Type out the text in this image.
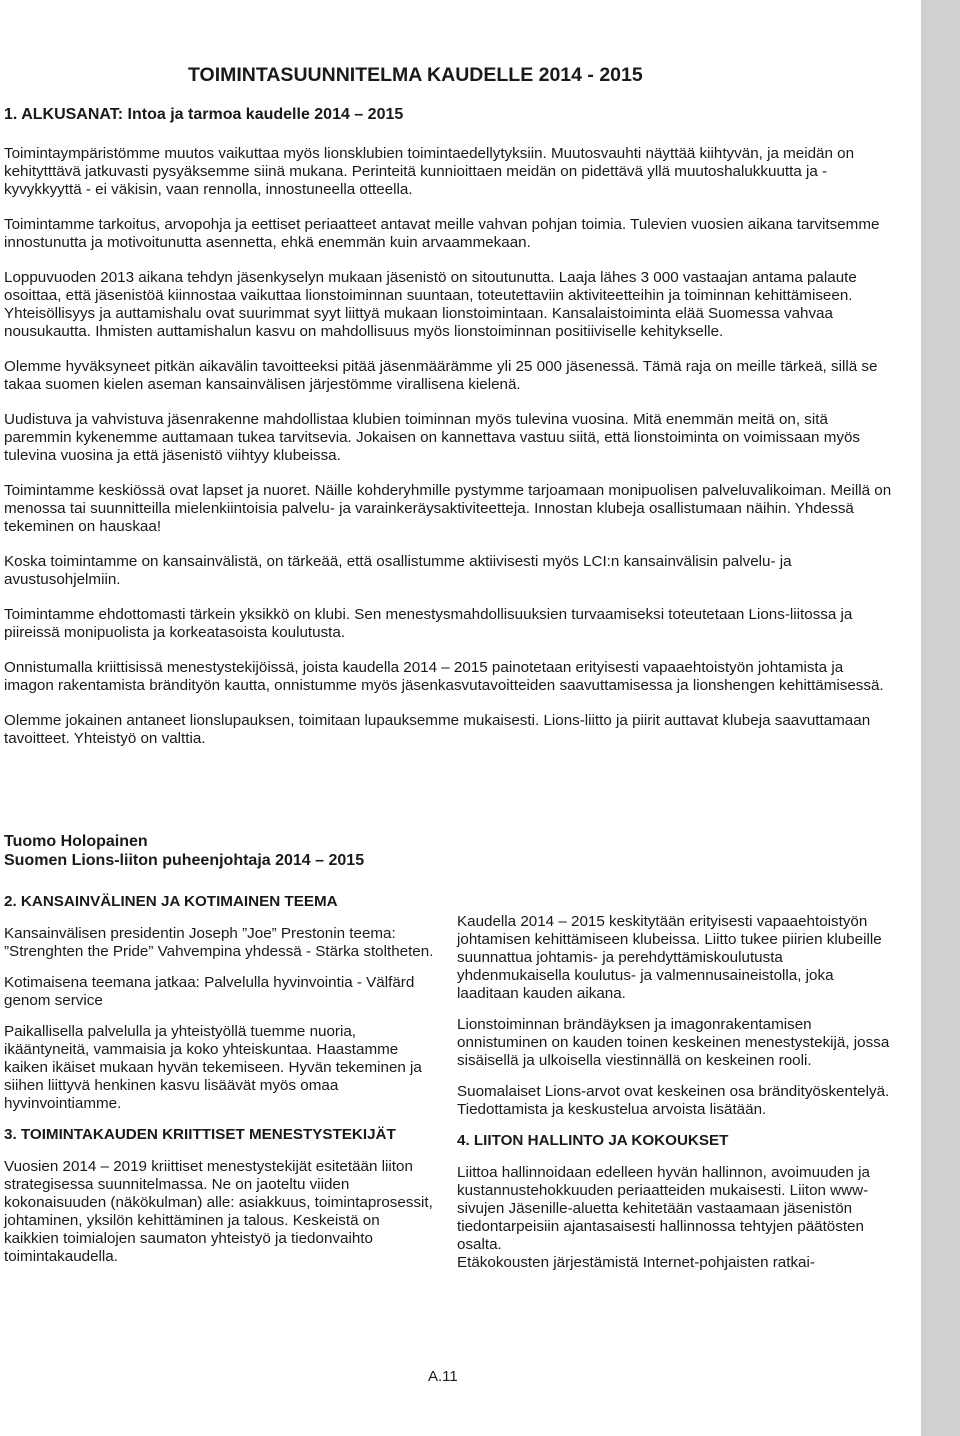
TOIMINTASUUNNITELMA KAUDELLE 2014 - 2015
1. ALKUSANAT: Intoa ja tarmoa kaudelle 2014 – 2015

Toimintaympäristömme muutos vaikuttaa myös lionsklubien toimintaedellytyksiin. Muutosvauhti näyttää kiihtyvän, ja meidän on kehitytttävä jatkuvasti pysyäksemme siinä mukana. Perinteitä kunnioittaen meidän on pidettävä yllä muutoshalukkuutta ja -kyvykkyyttä - ei väkisin, vaan rennolla, innostuneella otteella.

Toimintamme tarkoitus, arvopohja ja eettiset periaatteet antavat meille vahvan pohjan toimia. Tulevien vuosien aikana tarvitsemme innostunutta ja motivoitunutta asennetta, ehkä enemmän kuin arvaammekaan.

Loppuvuoden 2013 aikana tehdyn jäsenkyselyn mukaan jäsenistö on sitoutunutta. Laaja lähes 3 000 vastaajan antama palaute osoittaa, että jäsenistöä kiinnostaa vaikuttaa lionstoiminnan suuntaan, toteutettaviin aktiviteetteihin ja toiminnan kehittämiseen. Yhteisöllisyys ja auttamishalu ovat suurimmat syyt liittyä mukaan lionstoimintaan. Kansalaistoiminta elää Suomessa vahvaa nousukautta. Ihmisten auttamishalun kasvu on mahdollisuus myös lionstoiminnan positiiviselle kehitykselle.

Olemme hyväksyneet pitkän aikavälin tavoitteeksi pitää jäsenmäärämme yli 25 000 jäsenessä. Tämä raja on meille tärkeä, sillä se takaa suomen kielen aseman kansainvälisen järjestömme virallisena kielenä.

Uudistuva ja vahvistuva jäsenrakenne mahdollistaa klubien toiminnan myös tulevina vuosina. Mitä enemmän meitä on, sitä paremmin kykenemme auttamaan tukea tarvitsevia. Jokaisen on kannettava vastuu siitä, että lionstoiminta on voimissaan myös tulevina vuosina ja että jäsenistö viihtyy klubeissa.

Toimintamme keskiössä ovat lapset ja nuoret. Näille kohderyhmille pystymme tarjoamaan monipuolisen palveluvalikoiman. Meillä on menossa tai suunnitteilla mielenkiintoisia palvelu- ja varainkeräysaktiviteetteja. Innostan klubeja osallistumaan näihin. Yhdessä tekeminen on hauskaa!

Koska toimintamme on kansainvälistä, on tärkeää, että osallistumme aktiivisesti myös LCI:n kansainvälisin palvelu- ja avustusohjelmiin.

Toimintamme ehdottomasti tärkein yksikkö on klubi. Sen menestysmahdollisuuksien turvaamiseksi toteutetaan Lions-liitossa ja piireissä monipuolista ja korkeatasoista koulutusta.

Onnistumalla kriittisissä menestystekijöissä, joista kaudella 2014 – 2015 painotetaan erityisesti vapaaehtoistyön johtamista ja imagon rakentamista brändityön kautta, onnistumme myös jäsenkasvutavoitteiden saavuttamisessa ja lionshengen kehittämisessä.

Olemme jokainen antaneet lionslupauksen, toimitaan lupauksemme mukaisesti. Lions-liitto ja piirit auttavat klubeja saavuttamaan tavoitteet. Yhteistyö on valttia.

Tuomo Holopainen
Suomen Lions-liiton puheenjohtaja 2014 – 2015
2. KANSAINVÄLINEN JA KOTIMAINEN TEEMA

Kansainvälisen presidentin Joseph ”Joe” Prestonin teema: ”Strenghten the Pride” Vahvempina yhdessä - Stärka stoltheten.

Kotimaisena teemana jatkaa: Palvelulla hyvinvointia - Välfärd genom service

Paikallisella palvelulla ja yhteistyöllä tuemme nuoria, ikääntyneitä, vammaisia ja koko yhteiskuntaa. Haastamme kaiken ikäiset mukaan hyvän tekemiseen. Hyvän tekeminen ja siihen liittyvä henkinen kasvu lisäävät myös omaa hyvinvointiamme.

3. TOIMINTAKAUDEN KRIITTISET MENESTYSTEKIJÄT

Vuosien 2014 – 2019 kriittiset menestystekijät esitetään liiton strategisessa suunnitelmassa. Ne on jaoteltu viiden kokonaisuuden (näkökulman) alle: asiakkuus, toimintaprosessit, johtaminen, yksilön kehittäminen ja talous. Keskeistä on kaikkien toimialojen saumaton yhteistyö ja tiedonvaihto toimintakaudella.

Kaudella 2014 – 2015 keskitytään erityisesti vapaaehtoistyön johtamisen kehittämiseen klubeissa. Liitto tukee piirien klubeille suunnattua johtamis- ja perehdyttämiskoulutusta yhdenmukaisella koulutus- ja valmennusaineistolla, joka laaditaan kauden aikana.

Lionstoiminnan brändäyksen ja imagonrakentamisen onnistuminen on kauden toinen keskeinen menestystekijä, jossa sisäisellä ja ulkoisella viestinnällä on keskeinen rooli.

Suomalaiset Lions-arvot ovat keskeinen osa brändityöskentelyä. Tiedottamista ja keskustelua arvoista lisätään.

4. LIITON HALLINTO JA KOKOUKSET

Liittoa hallinnoidaan edelleen hyvän hallinnon, avoimuuden ja kustannustehokkuuden periaatteiden mukaisesti. Liiton www-sivujen Jäsenille-aluetta kehitetään vastaamaan jäsenistön tiedontarpeisiin ajantasaisesti hallinnossa tehtyjen päätösten osalta.

Etäkokousten järjestämistä Internet-pohjaisten ratkai-

A.11
